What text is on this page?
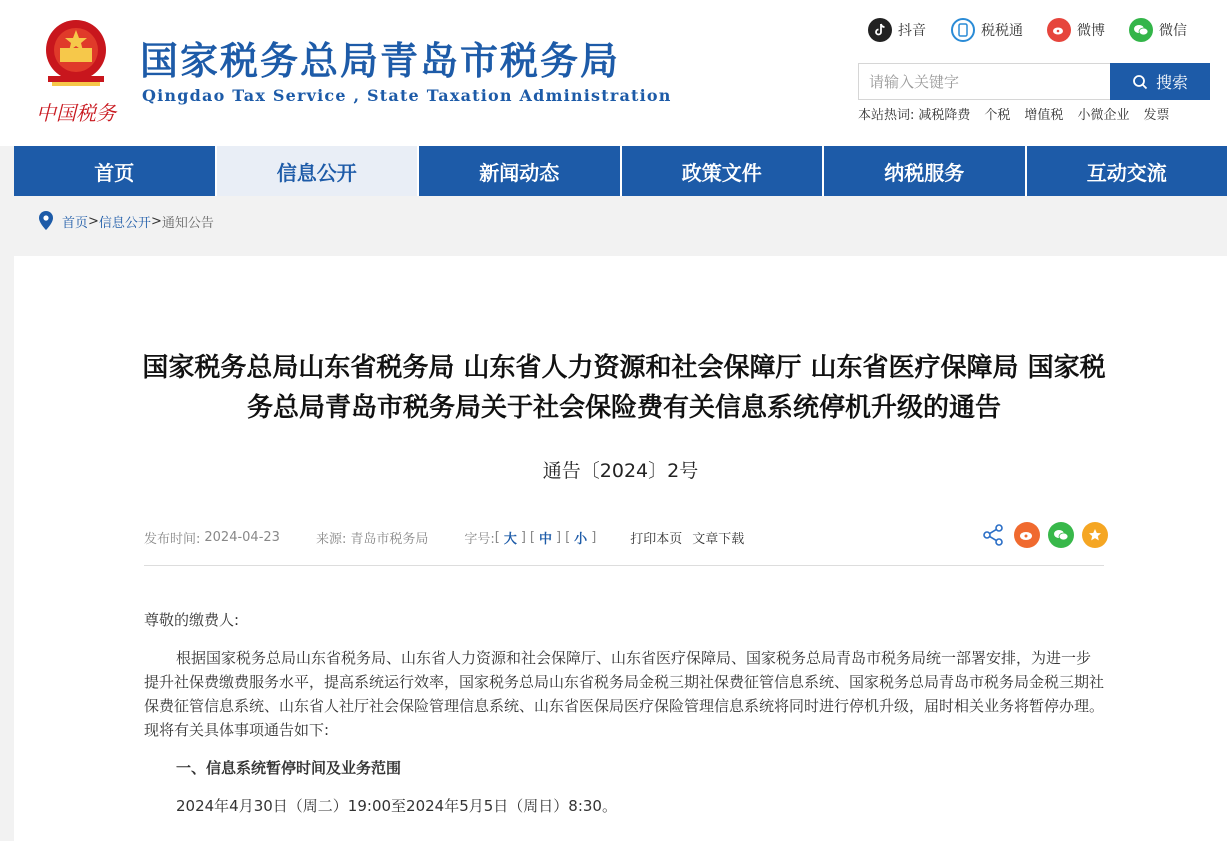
中国税务
国家税务总局青岛市税务局
Qingdao Tax Service , State Taxation Administration
抖音	税税通	微博	微信
请输入关键字
搜索
本站热词: 减税降费 个税 增值税 小微企业 发票
首页	信息公开	新闻动态	政策文件	纳税服务	互动交流
首页 > 信息公开 > 通知公告
国家税务总局山东省税务局 山东省人力资源和社会保障厅 山东省医疗保障局 国家税务总局青岛市税务局关于社会保险费有关信息系统停机升级的通告
通告〔2024〕2号
发布时间: 2024-04-23	来源: 青岛市税务局	字号: [ 大 ] [ 中 ] [ 小 ]	打印本页 文章下载

尊敬的缴费人:

根据国家税务总局山东省税务局、山东省人力资源和社会保障厅、山东省医疗保障局、国家税务总局青岛市税务局统一部署安排，为进一步提升社保费缴费服务水平，提高系统运行效率，国家税务总局山东省税务局金税三期社保费征管信息系统、国家税务总局青岛市税务局金税三期社保费征管信息系统、山东省人社厅社会保险管理信息系统、山东省医保局医疗保险管理信息系统将同时进行停机升级，届时相关业务将暂停办理。现将有关具体事项通告如下:

一、信息系统暂停时间及业务范围

2024年4月30日（周二）19:00至2024年5月5日（周日）8:30。
